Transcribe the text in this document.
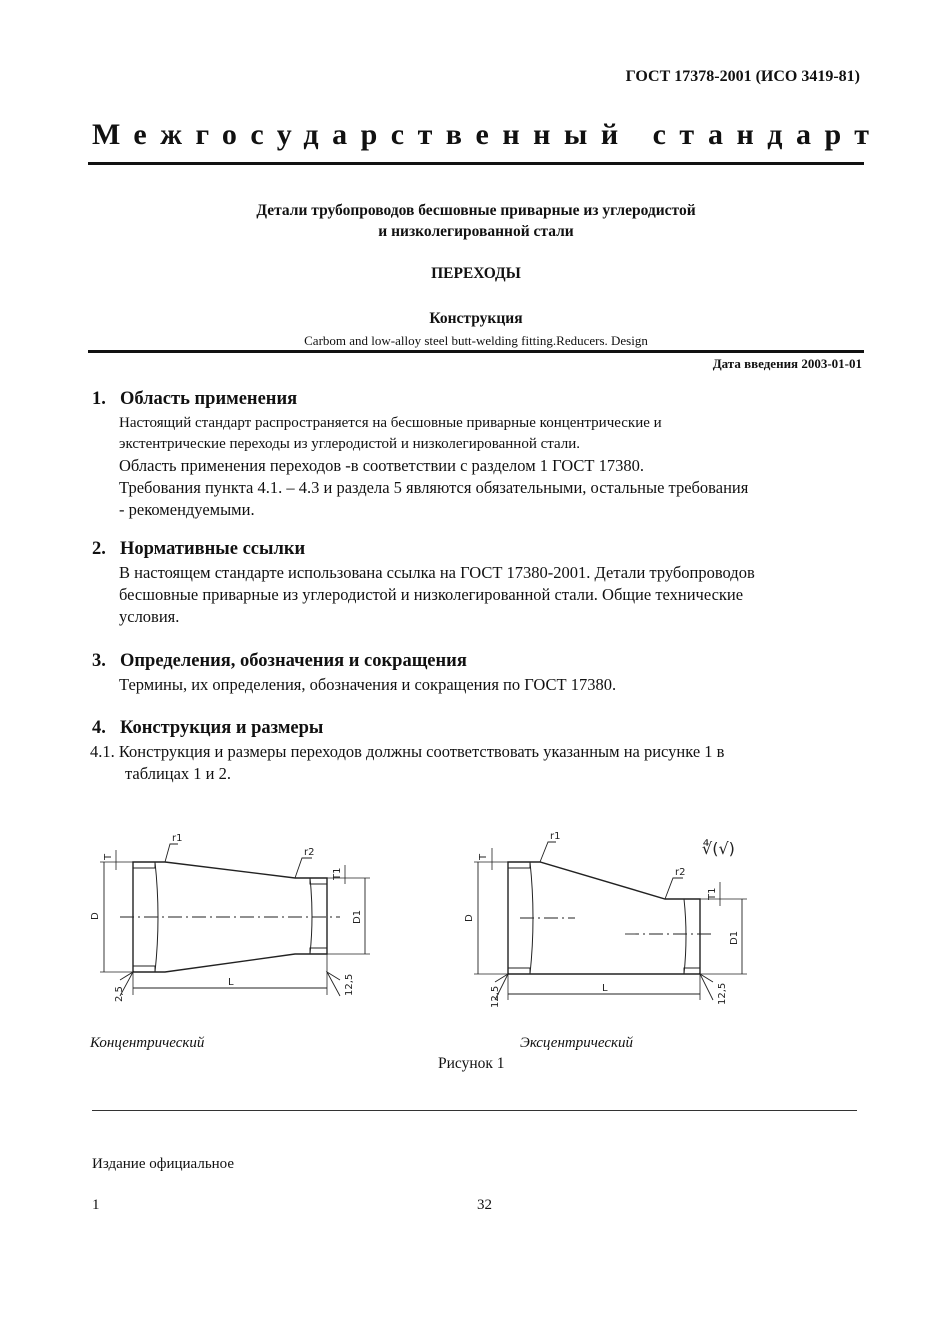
ГОСТ 17378-2001 (ИСО 3419-81)
Межгосударственный стандарт
Детали трубопроводов бесшовные приварные из углеродистой
и низколегированной стали
ПЕРЕХОДЫ
Конструкция
Carbom and low-alloy steel butt-welding fitting.Reducers. Design
Дата введения 2003-01-01
1. Область применения
Настоящий стандарт распространяется на бесшовные приварные концентрические и
экстентрические переходы из углеродистой и низколегированной стали.
Область применения переходов -в соответствии с разделом 1 ГОСТ 17380.
Требования пункта 4.1. – 4.3 и раздела 5 являются обязательными, остальные требования
- рекомендуемыми.
2. Нормативные ссылки
В настоящем стандарте использована ссылка на ГОСТ 17380-2001. Детали трубопроводов
бесшовные приварные из углеродистой и низколегированной стали. Общие технические
условия.
3. Определения, обозначения и сокращения
Термины, их определения, обозначения и сокращения по ГОСТ 17380.
4. Конструкция и размеры
4.1. Конструкция и размеры переходов должны соответствовать указанным на рисунке 1 в
таблицах 1 и 2.
D
T
D1
T1
L
r1
r2
2,5	12,5
D
T
D1
T1
L
r1
r2
12,5	12,5
∜(√)
Концентрический	Эксцентрический
Рисунок 1
Издание официальное
1	32
